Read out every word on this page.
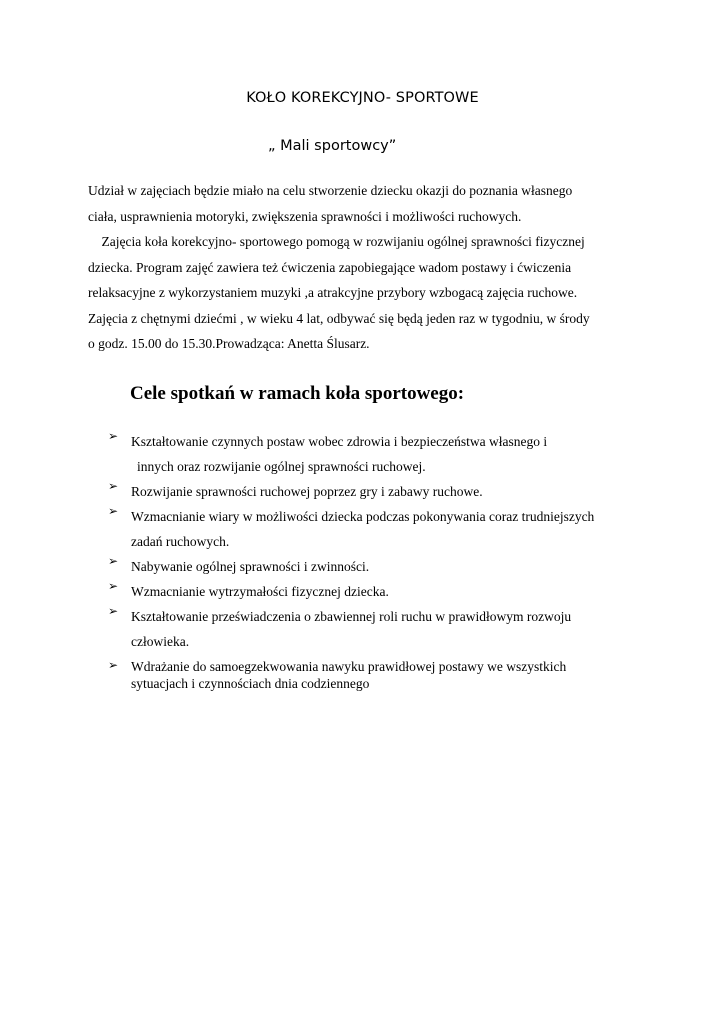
KOŁO KOREKCYJNO- SPORTOWE
„ Mali sportowcy”
Udział w zajęciach będzie miało na celu stworzenie dziecku okazji do poznania własnego
ciała, usprawnienia motoryki, zwiększenia sprawności i możliwości ruchowych.
Zajęcia koła korekcyjno- sportowego pomogą w rozwijaniu ogólnej sprawności fizycznej
dziecka. Program zajęć zawiera też ćwiczenia zapobiegające wadom postawy i ćwiczenia
relaksacyjne z wykorzystaniem muzyki ,a atrakcyjne przybory wzbogacą zajęcia ruchowe.
Zajęcia z chętnymi dziećmi , w wieku 4 lat, odbywać się będą jeden raz w tygodniu, w środy
o godz. 15.00 do 15.30.Prowadząca: Anetta Ślusarz.
Cele spotkań w ramach koła sportowego:
➢ Kształtowanie czynnych postaw wobec zdrowia i bezpieczeństwa własnego i
innych oraz rozwijanie ogólnej sprawności ruchowej.
➢ Rozwijanie sprawności ruchowej poprzez gry i zabawy ruchowe.
➢ Wzmacnianie wiary w możliwości dziecka podczas pokonywania coraz trudniejszych
zadań ruchowych.
➢ Nabywanie ogólnej sprawności i zwinności.
➢ Wzmacnianie wytrzymałości fizycznej dziecka.
➢ Kształtowanie przeświadczenia o zbawiennej roli ruchu w prawidłowym rozwoju
człowieka.
➢ Wdrażanie do samoegzekwowania nawyku prawidłowej postawy we wszystkich
sytuacjach i czynnościach dnia codziennego
